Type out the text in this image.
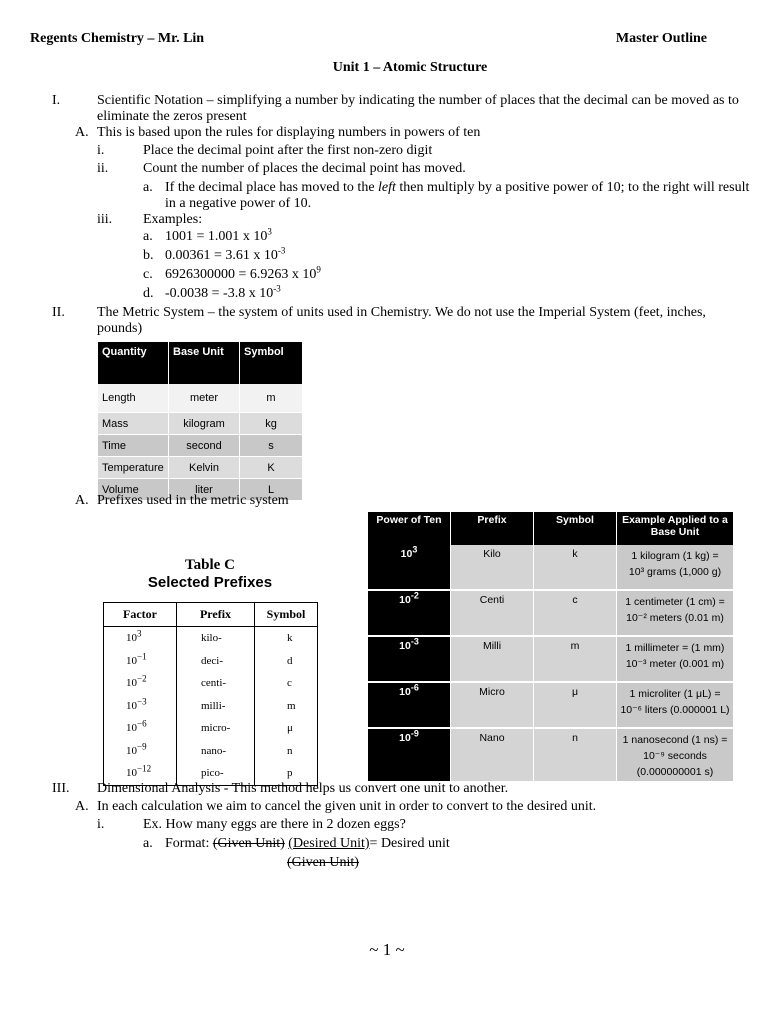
Regents Chemistry – Mr. Lin	Master Outline
Unit 1 – Atomic Structure
I.	Scientific Notation – simplifying a number by indicating the number of places that the decimal can be moved as to eliminate the zeros present
A. This is based upon the rules for displaying numbers in powers of ten
i.	Place the decimal point after the first non-zero digit
ii. Count the number of places the decimal point has moved.
a. If the decimal place has moved to the left then multiply by a positive power of 10; to the right will result in a negative power of 10.
iii. Examples:
a. 1001 = 1.001 x $10^3$
b. 0.00361 = 3.61 x $10^{-3}$
c. 6926300000 = 6.9263 x $10^9$
d. -0.0038 = -3.8 x $10^{-3}$
II. The Metric System – the system of units used in Chemistry. We do not use the Imperial System (feet, inches, pounds)
Quantity	Base Unit	Symbol
Length	meter	m
Mass	kilogram	kg
Time	second	s
Temperature	Kelvin	K
Volume	liter	L
A. Prefixes used in the metric system
Table C
Selected Prefixes
Factor	Prefix	Symbol
$10^3$	kilo-	k
$10^{-1}$	deci-	d
$10^{-2}$	centi-	c
$10^{-3}$	milli-	m
$10^{-6}$	micro-	μ
$10^{-9}$	nano-	n
$10^{-12}$	pico-	p
Power of Ten	Prefix	Symbol	Example Applied to a Base Unit
$10^3$	Kilo	k	1 kilogram (1 kg) =
10³ grams (1,000 g)

$10^{-2}$	Centi	c	1 centimeter (1 cm) =
10⁻² meters (0.01 m)

$10^{-3}$	Milli	m	1 millimeter = (1 mm)
10⁻³ meter (0.001 m)

$10^{-6}$	Micro	μ	1 microliter (1 μL) =
10⁻⁶ liters (0.000001 L)

$10^{-9}$	Nano	n	1 nanosecond (1 ns) =
10⁻⁹ seconds
(0.000000001 s)
III. Dimensional Analysis - This method helps us convert one unit to another.
A. In each calculation we aim to cancel the given unit in order to convert to the desired unit.
i.	Ex. How many eggs are there in 2 dozen eggs?
a. Format: (Given Unit) (Desired Unit)= Desired unit
(Given Unit)
~ 1 ~
